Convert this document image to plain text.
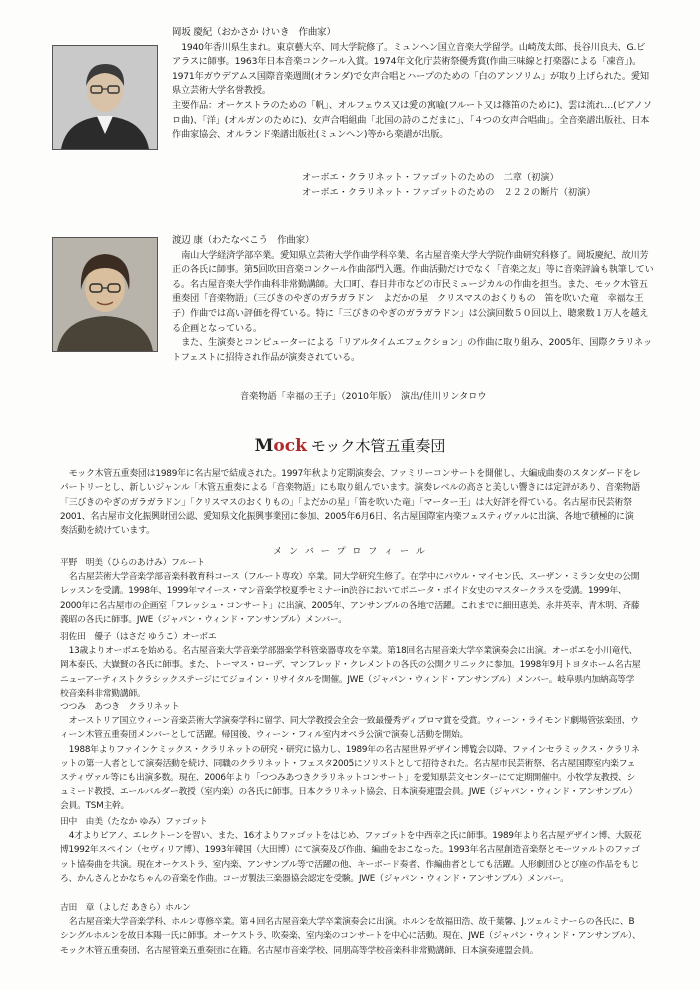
岡坂 慶紀（おかさか けいき　作曲家）

1940年香川県生まれ。東京藝大卒、同大学院修了。ミュンヘン国立音楽大学留学。山崎茂太郎、長谷川良夫、G.ビアラスに師事。1963年日本音楽コンクール入賞。1974年文化庁芸術祭優秀賞(作曲三味線と打楽器による「凍音」)。1971年ガウデアムス国際音楽週間(オランダ)で女声合唱とハープのための「白のアンソリム」が取り上げられた。愛知県立芸術大学名誉教授。

主要作品：オーケストラのための「帆」、オルフェウス又は愛の寓喩(フルート又は篠笛のために)、雲は流れ…(ピアノソロ曲)、「洋」(オルガンのために)、女声合唱組曲「北国の詩のこだまに」、「４つの女声合唱曲」。全音楽譜出版社、日本作曲家協会、オルランド楽譜出版社(ミュンヘン)等から楽譜が出版。

オーボエ・クラリネット・ファゴットのための　二章（初演）
オーボエ・クラリネット・ファゴットのための　２２２の断片（初演）
渡辺 康（わたなべこう　作曲家）

南山大学経済学部卒業。愛知県立芸術大学作曲学科卒業、名古屋音楽大学大学院作曲研究科修了。岡坂慶紀、故川芳正の各氏に師事。第5回吹田音楽コンクール作曲部門入選。作曲活動だけでなく「音楽之友」等に音楽評論も執筆している。名古屋音楽大学作曲科非常勤講師。大口町、春日井市などの市民ミュージカルの作曲を担当。また、モック木管五重奏団「音楽物語」（三びきのやぎのガラガラドン　よだかの星　クリスマスのおくりもの　笛を吹いた竜　幸福な王子）作曲では高い評価を得ている。特に「三びきのやぎのガラガラドン」は公演回数５０回以上、聴衆数１万人を越える企画となっている。

また、生演奏とコンピューターによる「リアルタイムエフェクション」の作曲に取り組み、2005年、国際クラリネットフェストに招待され作品が演奏されている。

音楽物語「幸福の王子」（2010年版）　演出/佳川リンタロウ
Mock モック木管五重奏団

モック木管五重奏団は1989年に名古屋で結成された。1997年秋より定期演奏会、ファミリーコンサートを開催し、大編成曲奏のスタンダードをレパートリーとし、新しいジャンル「木管五重奏による「音楽物語」にも取り組んでいます。演奏レベルの高さと美しい響きには定評があり、音楽物語「三びきのやぎのガラガラドン」「クリスマスのおくりもの」「よだかの星」「笛を吹いた竜」「マーター王」は大好評を得ている。名古屋市民芸術祭2001、名古屋市文化振興財団公認、愛知県文化振興事業団に参加、2005年6月6日、名古屋国際室内楽フェスティヴァルに出演、各地で積極的に演奏活動を続けています。

メ ン バ ー プ ロ フ ィ ー ル
平野　明美（ひらのあけみ）フルート

名古屋芸術大学音楽学部音楽科教育科コース（フルート専攻）卒業。同大学研究生修了。在学中にバウル・マイセン氏、スーザン・ミラン女史の公開レッスンを受講。1998年、1999年マイース・マン音楽学校夏季セミナーin渋谷においてボニータ・ボイド女史のマスタークラスを受講。1999年、2000年に名古屋市の企画室「フレッシュ・コンサート」に出演、2005年、アンサンブルの各地で活躍。これまでに細田恵美、永井英幸、青木明、斉藤義昭の各氏に師事。JWE（ジャパン・ウィンド・アンサンブル）メンバー。

羽佐田　優子（はさだ ゆうこ）オーボエ

13歳よりオーボエを始める。名古屋音楽大学音楽学部器楽学科管楽器専攻を卒業。第18回名古屋音楽大学卒業演奏会に出演。オーボエを小川竜代、岡本泰氏、大嶽賢の各氏に師事。また、トーマス・ローデ、マンフレッド・クレメントの各氏の公開クリニックに参加。1998年9月トヨタホーム名古屋ニューアーティストクラシックステージにてジョイン・リサイタルを開催。JWE（ジャパン・ウィンド・アンサンブル）メンバー。岐阜県内加納高等学校音楽科非常勤講師。

つつみ　あつき　クラリネット

オーストリア国立ウィーン音楽芸術大学演奏学科に留学、同大学教授会全会一致最優秀ディプロマ賞を受賞。ウィーン・ライモンド劇場管弦楽団、ウィーン木管五重奏団メンバーとして活躍。帰国後、ウィーン・フィル室内オペラ公演で演奏し活動を開始。

1988年よりファインケミックス・クラリネットの研究・研究に協力し、1989年の名古屋世界デザイン博覧会以降、ファインセラミックス・クラリネットの第一人者として演奏活動を続け、同職のクラリネット・フェスタ2005にソリストとして招待された。名古屋市民芸術祭、名古屋国際室内楽フェスティヴァル等にも出演多数。現在、2006年より「つつみあつきクラリネットコンサート」を愛知県芸文センターにて定期開催中。小牧学友教授、シュミード教授、エールバルダー教授（室内楽）の各氏に師事。日本クラリネット協会、日本演奏連盟会員。JWE（ジャパン・ウィンド・アンサンブル）会員。TSM主幹。

田中　由美（たなか ゆみ）ファゴット

4才よりピアノ、エレクトーンを習い、また、16才よりファゴットをはじめ、ファゴットを中西幸之氏に師事。1989年より名古屋デザイン博、大阪花博1992年スペイン（セヴィリア博）、1993年韓国（大田博）にて演奏及び作曲、編曲をおこなった。1993年名古屋創造音楽祭とモーツァルトのファゴット協奏曲を共演。現在オーケストラ、室内楽、アンサンブル等で活躍の他、キーボード奏者、作編曲者としても活躍。人形劇団ひとび座の作品をもじろ、かんさんとかなちゃんの音楽を作曲。コーガ製法三楽器協会認定を受験。JWE（ジャパン・ウィンド・アンサンブル）メンバー。

吉田　章（よしだ あきら）ホルン

名古屋音楽大学音楽学科、ホルン専修卒業。第４回名古屋音楽大学卒業演奏会に出演。ホルンを故福田浩、故千葉馨、J.ツェルミナーらの各氏に、Bシングルホルンを故日本陽一氏に師事。オーケストラ、吹奏楽、室内楽のコンサートを中心に活動。現在、JWE（ジャパン・ウィンド・アンサンブル）、モック木管五重奏団、名古屋管楽五重奏団に在籍。名古屋市音楽学校、同朋高等学校音楽科非常勤講師、日本演奏連盟会員。
